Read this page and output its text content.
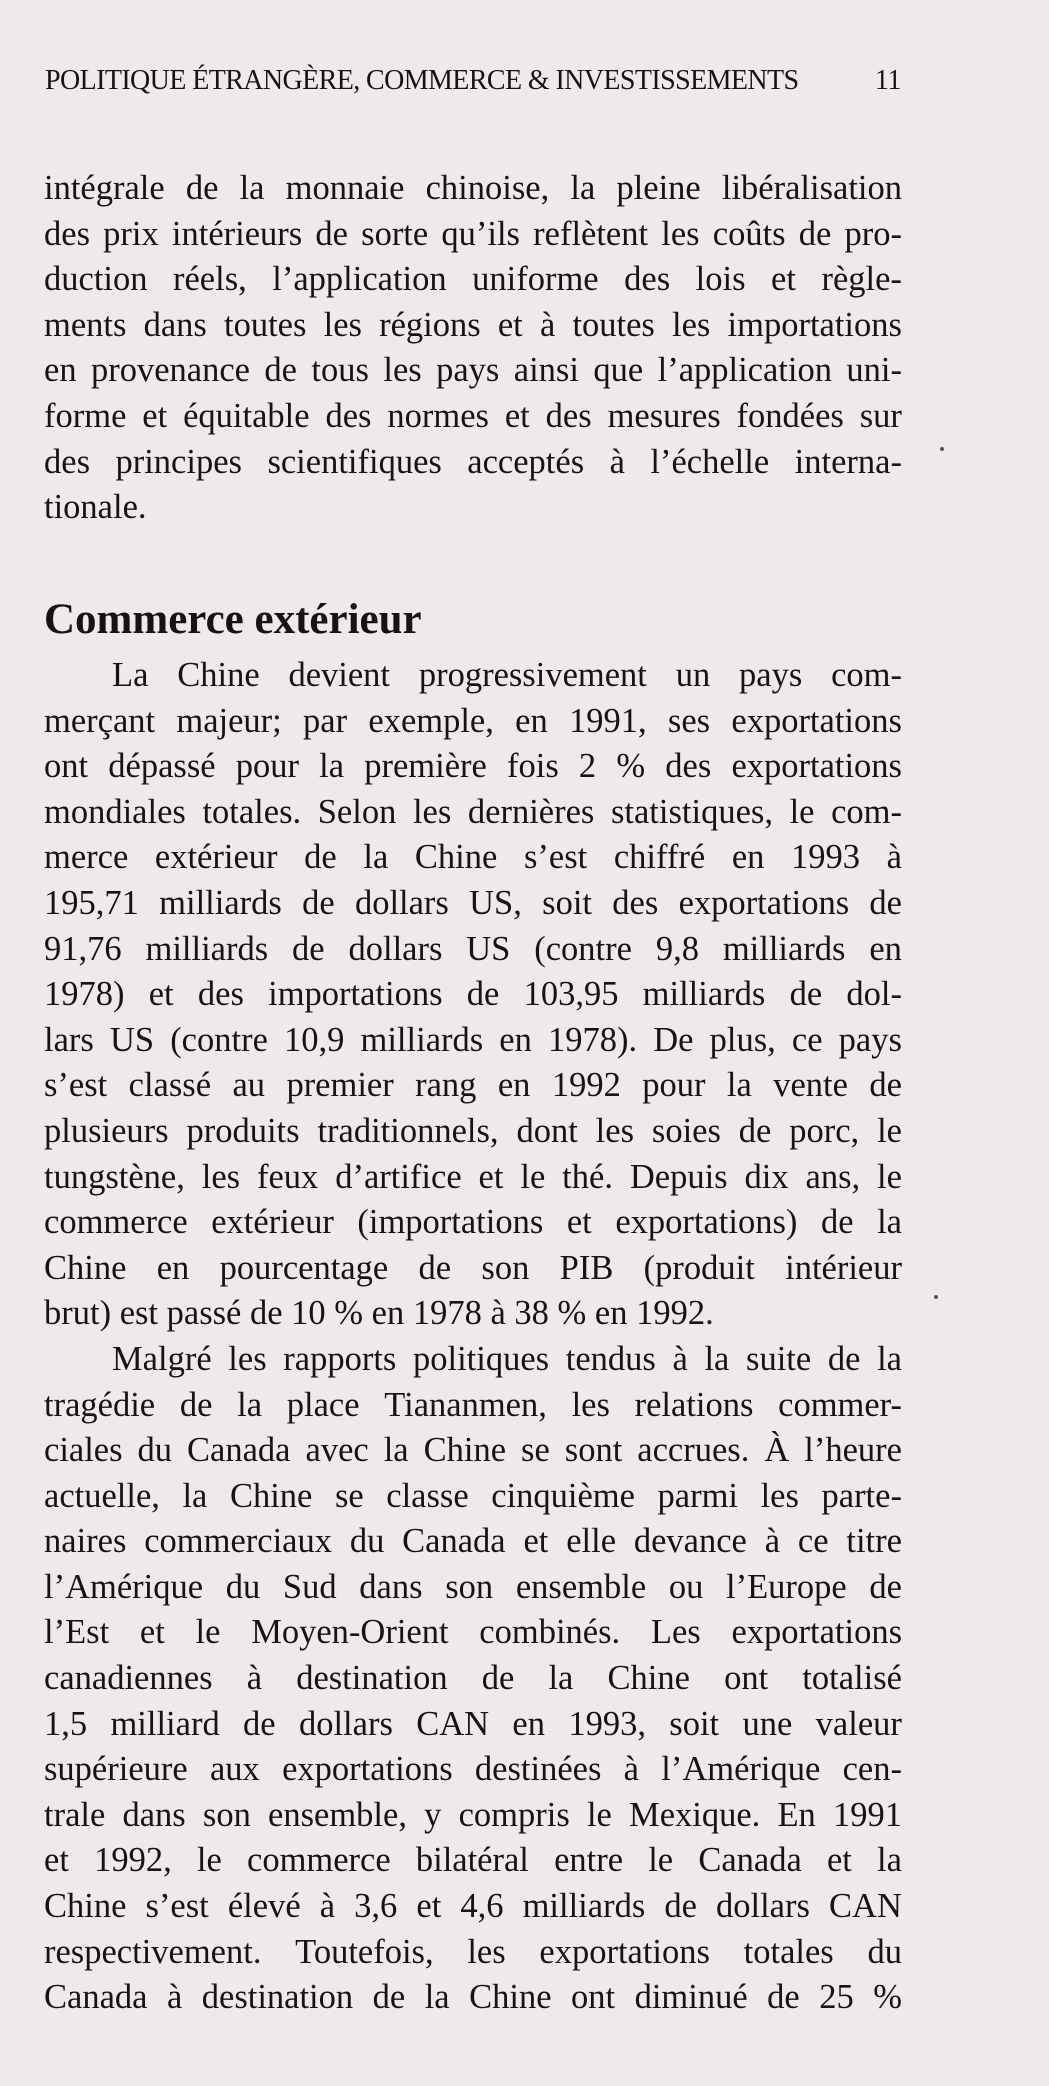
POLITIQUE ÉTRANGÈRE, COMMERCE & INVESTISSEMENTS	11
intégrale de la monnaie chinoise, la pleine libéralisation
des prix intérieurs de sorte qu’ils reflètent les coûts de pro-
duction réels, l’application uniforme des lois et règle-
ments dans toutes les régions et à toutes les importations
en provenance de tous les pays ainsi que l’application uni-
forme et équitable des normes et des mesures fondées sur
des principes scientifiques acceptés à l’échelle interna-
tionale.
Commerce extérieur
La Chine devient progressivement un pays com-
merçant majeur; par exemple, en 1991, ses exportations
ont dépassé pour la première fois 2 % des exportations
mondiales totales. Selon les dernières statistiques, le com-
merce extérieur de la Chine s’est chiffré en 1993 à
195,71 milliards de dollars US, soit des exportations de
91,76 milliards de dollars US (contre 9,8 milliards en
1978) et des importations de 103,95 milliards de dol-
lars US (contre 10,9 milliards en 1978). De plus, ce pays
s’est classé au premier rang en 1992 pour la vente de
plusieurs produits traditionnels, dont les soies de porc, le
tungstène, les feux d’artifice et le thé. Depuis dix ans, le
commerce extérieur (importations et exportations) de la
Chine en pourcentage de son PIB (produit intérieur
brut) est passé de 10 % en 1978 à 38 % en 1992.
Malgré les rapports politiques tendus à la suite de la
tragédie de la place Tiananmen, les relations commer-
ciales du Canada avec la Chine se sont accrues. À l’heure
actuelle, la Chine se classe cinquième parmi les parte-
naires commerciaux du Canada et elle devance à ce titre
l’Amérique du Sud dans son ensemble ou l’Europe de
l’Est et le Moyen-Orient combinés. Les exportations
canadiennes à destination de la Chine ont totalisé
1,5 milliard de dollars CAN en 1993, soit une valeur
supérieure aux exportations destinées à l’Amérique cen-
trale dans son ensemble, y compris le Mexique. En 1991
et 1992, le commerce bilatéral entre le Canada et la
Chine s’est élevé à 3,6 et 4,6 milliards de dollars CAN
respectivement. Toutefois, les exportations totales du
Canada à destination de la Chine ont diminué de 25 %
